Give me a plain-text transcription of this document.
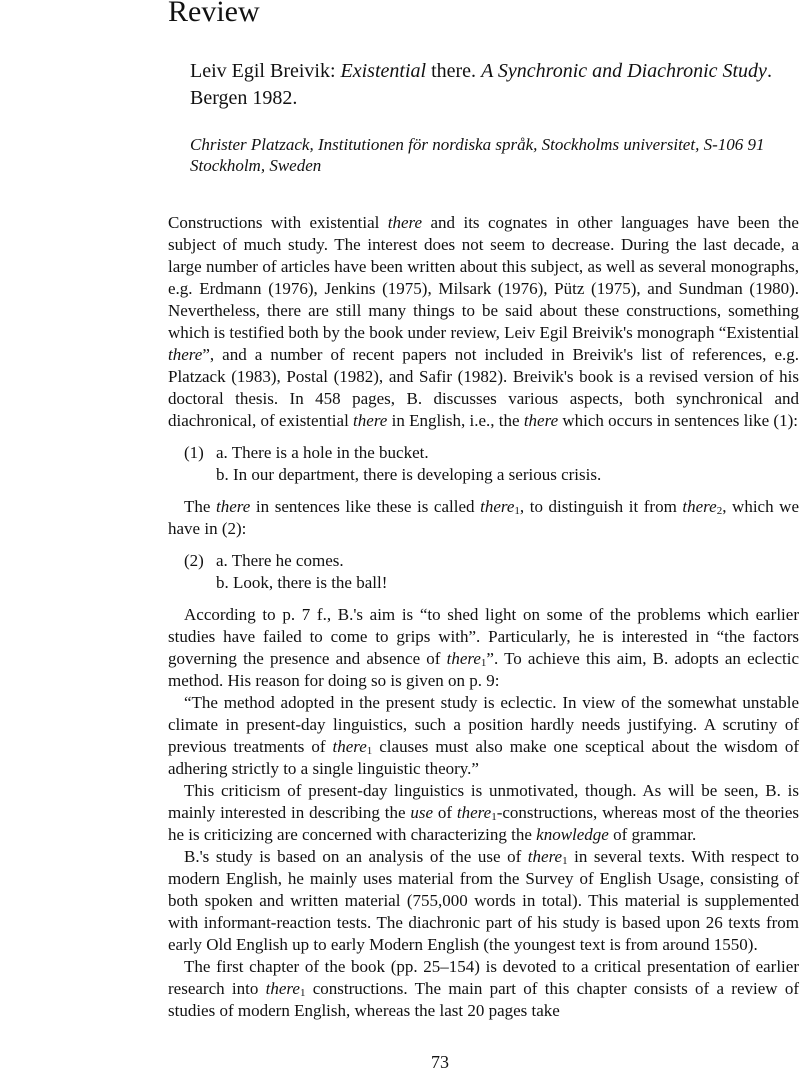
Review
Leiv Egil Breivik: Existential there. A Synchronic and Diachronic Study. Bergen 1982.
Christer Platzack, Institutionen för nordiska språk, Stockholms universitet, S-106 91 Stockholm, Sweden

Constructions with existential there and its cognates in other languages have been the subject of much study. The interest does not seem to decrease. During the last decade, a large number of articles have been written about this subject, as well as several monographs, e.g. Erdmann (1976), Jenkins (1975), Milsark (1976), Pütz (1975), and Sundman (1980). Nevertheless, there are still many things to be said about these constructions, something which is testified both by the book under review, Leiv Egil Breivik's monograph “Existential there”, and a number of recent papers not included in Breivik's list of references, e.g. Platzack (1983), Postal (1982), and Safir (1982). Breivik's book is a revised version of his doctoral thesis. In 458 pages, B. discusses various aspects, both synchronical and diachronical, of existential there in English, i.e., the there which occurs in sentences like (1):

(1) a. There is a hole in the bucket.
b. In our department, there is developing a serious crisis.

The there in sentences like these is called there$_1$, to distinguish it from there$_2$, which we have in (2):

(2) a. There he comes.
b. Look, there is the ball!

According to p. 7 f., B.'s aim is “to shed light on some of the problems which earlier studies have failed to come to grips with”. Particularly, he is interested in “the factors governing the presence and absence of there$_1$”. To achieve this aim, B. adopts an eclectic method. His reason for doing so is given on p. 9:

“The method adopted in the present study is eclectic. In view of the somewhat unstable climate in present-day linguistics, such a position hardly needs justifying. A scrutiny of previous treatments of there$_1$ clauses must also make one sceptical about the wisdom of adhering strictly to a single linguistic theory.”

This criticism of present-day linguistics is unmotivated, though. As will be seen, B. is mainly interested in describing the use of there$_1$-constructions, whereas most of the theories he is criticizing are concerned with characterizing the knowledge of grammar.

B.'s study is based on an analysis of the use of there$_1$ in several texts. With respect to modern English, he mainly uses material from the Survey of English Usage, consisting of both spoken and written material (755,000 words in total). This material is supplemented with informant-reaction tests. The diachronic part of his study is based upon 26 texts from early Old English up to early Modern English (the youngest text is from around 1550).

The first chapter of the book (pp. 25–154) is devoted to a critical presentation of earlier research into there$_1$ constructions. The main part of this chapter consists of a review of studies of modern English, whereas the last 20 pages take

73
